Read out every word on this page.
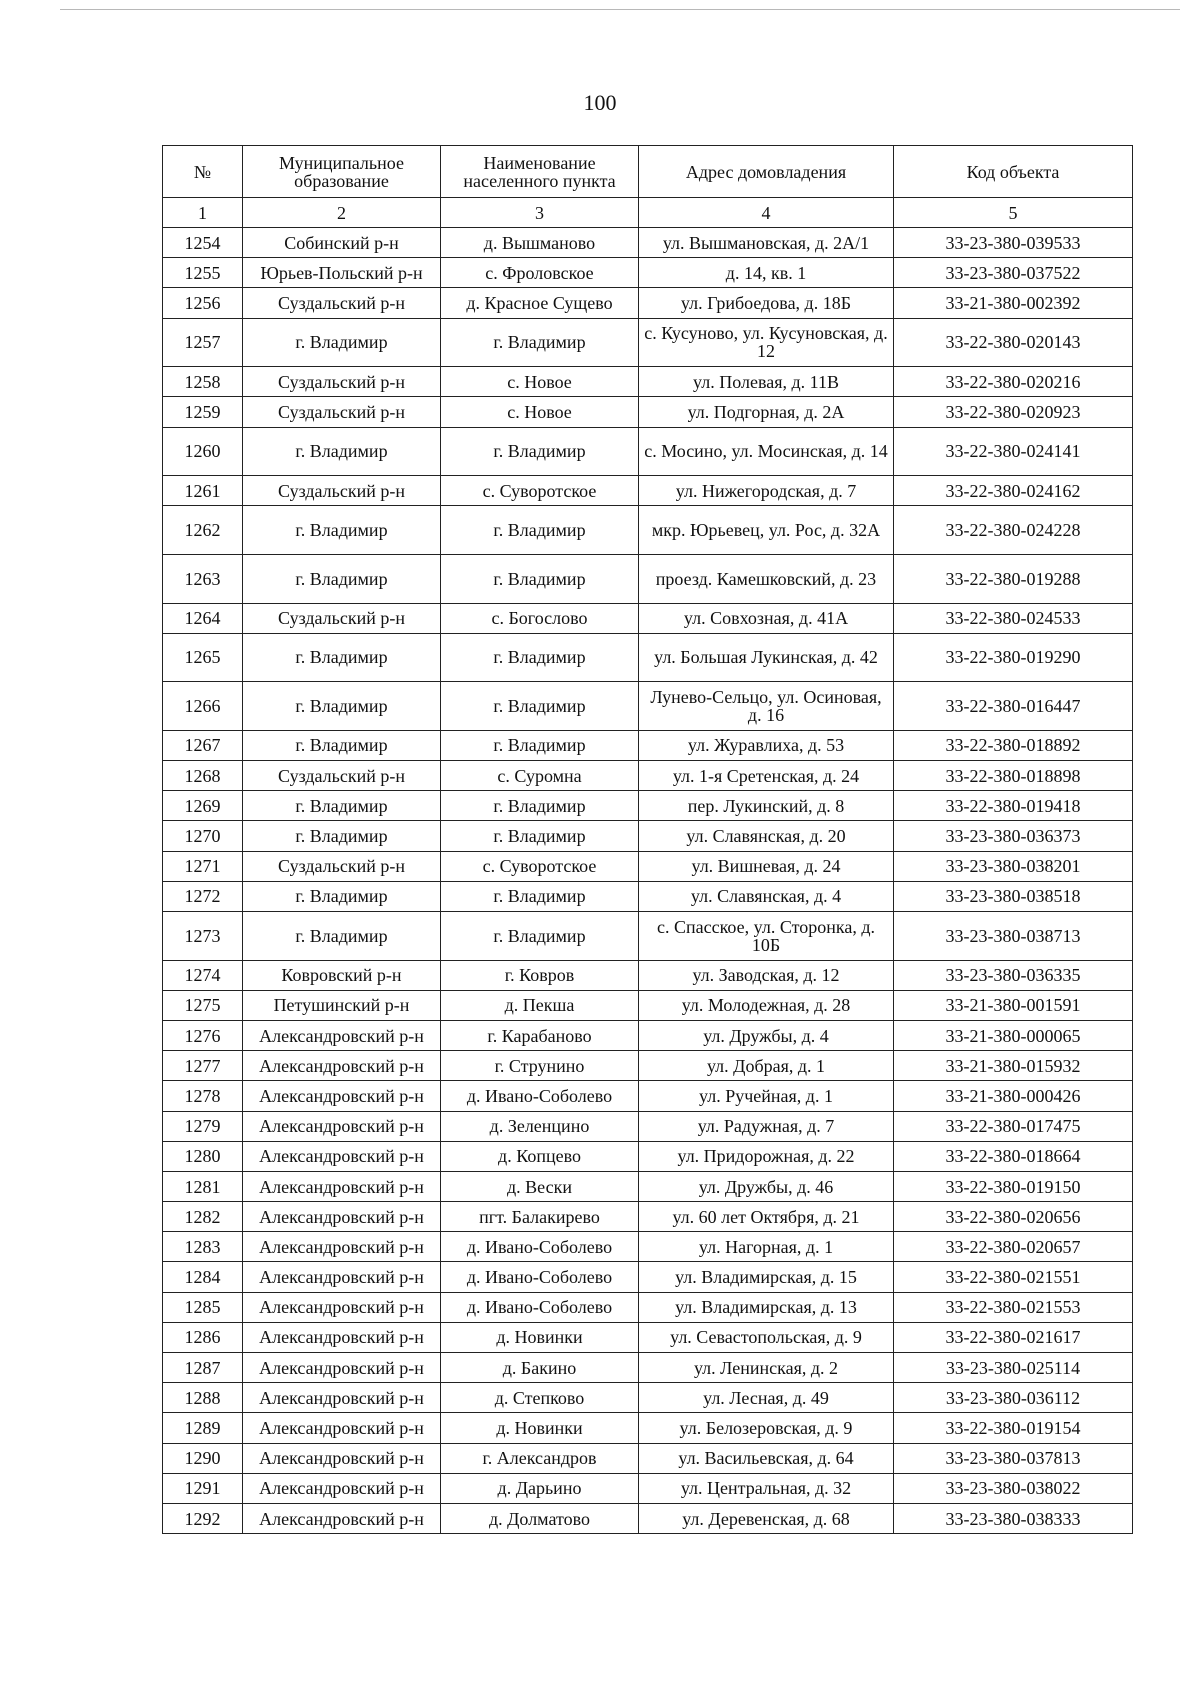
100
№	Муниципальное образование	Наименование населенного пункта	Адрес домовладения	Код объекта
1	2	3	4	5
1254	Собинский р-н	д. Вышманово	ул. Вышмановская, д. 2А/1	33-23-380-039533
1255	Юрьев-Польский р-н	с. Фроловское	д. 14, кв. 1	33-23-380-037522
1256	Суздальский р-н	д. Красное Сущево	ул. Грибоедова, д. 18Б	33-21-380-002392
1257	г. Владимир	г. Владимир	с. Кусуново, ул. Кусуновская, д. 12	33-22-380-020143
1258	Суздальский р-н	с. Новое	ул. Полевая, д. 11В	33-22-380-020216
1259	Суздальский р-н	с. Новое	ул. Подгорная, д. 2А	33-22-380-020923
1260	г. Владимир	г. Владимир	с. Мосино, ул. Мосинская, д. 14	33-22-380-024141
1261	Суздальский р-н	с. Суворотское	ул. Нижегородская, д. 7	33-22-380-024162
1262	г. Владимир	г. Владимир	мкр. Юрьевец, ул. Рос, д. 32А	33-22-380-024228
1263	г. Владимир	г. Владимир	проезд. Камешковский, д. 23	33-22-380-019288
1264	Суздальский р-н	с. Богослово	ул. Совхозная, д. 41А	33-22-380-024533
1265	г. Владимир	г. Владимир	ул. Большая Лукинская, д. 42	33-22-380-019290
1266	г. Владимир	г. Владимир	Лунево-Сельцо, ул. Осиновая, д. 16	33-22-380-016447
1267	г. Владимир	г. Владимир	ул. Журавлиха, д. 53	33-22-380-018892
1268	Суздальский р-н	с. Суромна	ул. 1-я Сретенская, д. 24	33-22-380-018898
1269	г. Владимир	г. Владимир	пер. Лукинский, д. 8	33-22-380-019418
1270	г. Владимир	г. Владимир	ул. Славянская, д. 20	33-23-380-036373
1271	Суздальский р-н	с. Суворотское	ул. Вишневая, д. 24	33-23-380-038201
1272	г. Владимир	г. Владимир	ул. Славянская, д. 4	33-23-380-038518
1273	г. Владимир	г. Владимир	с. Спасское, ул. Сторонка, д. 10Б	33-23-380-038713
1274	Ковровский р-н	г. Ковров	ул. Заводская, д. 12	33-23-380-036335
1275	Петушинский р-н	д. Пекша	ул. Молодежная, д. 28	33-21-380-001591
1276	Александровский р-н	г. Карабаново	ул. Дружбы, д. 4	33-21-380-000065
1277	Александровский р-н	г. Струнино	ул. Добрая, д. 1	33-21-380-015932
1278	Александровский р-н	д. Ивано-Соболево	ул. Ручейная, д. 1	33-21-380-000426
1279	Александровский р-н	д. Зеленцино	ул. Радужная, д. 7	33-22-380-017475
1280	Александровский р-н	д. Копцево	ул. Придорожная, д. 22	33-22-380-018664
1281	Александровский р-н	д. Вески	ул. Дружбы, д. 46	33-22-380-019150
1282	Александровский р-н	пгт. Балакирево	ул. 60 лет Октября, д. 21	33-22-380-020656
1283	Александровский р-н	д. Ивано-Соболево	ул. Нагорная, д. 1	33-22-380-020657
1284	Александровский р-н	д. Ивано-Соболево	ул. Владимирская, д. 15	33-22-380-021551
1285	Александровский р-н	д. Ивано-Соболево	ул. Владимирская, д. 13	33-22-380-021553
1286	Александровский р-н	д. Новинки	ул. Севастопольская, д. 9	33-22-380-021617
1287	Александровский р-н	д. Бакино	ул. Ленинская, д. 2	33-23-380-025114
1288	Александровский р-н	д. Степково	ул. Лесная, д. 49	33-23-380-036112
1289	Александровский р-н	д. Новинки	ул. Белозеровская, д. 9	33-22-380-019154
1290	Александровский р-н	г. Александров	ул. Васильевская, д. 64	33-23-380-037813
1291	Александровский р-н	д. Дарьино	ул. Центральная, д. 32	33-23-380-038022
1292	Александровский р-н	д. Долматово	ул. Деревенская, д. 68	33-23-380-038333
